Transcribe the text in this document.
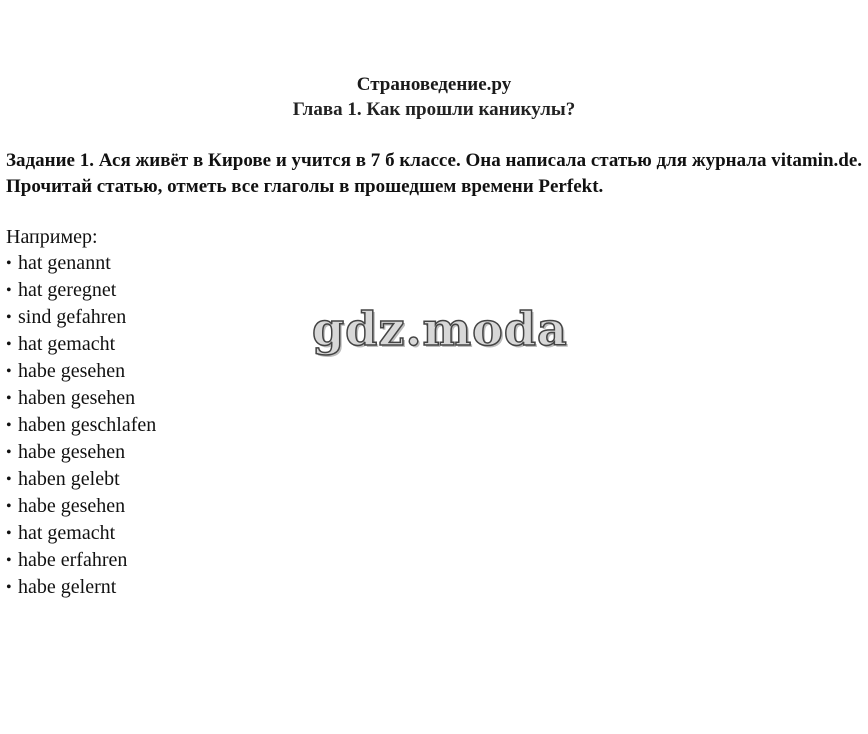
Страноведение.ру
Глава 1. Как прошли каникулы?
Задание 1. Ася живёт в Кирове и учится в 7 б классе. Она написала статью для журнала vitamin.de. Прочитай статью, отметь все глаголы в прошедшем времени Perfekt.
Например:
• hat genannt
• hat geregnet
• sind gefahren
• hat gemacht
• habe gesehen
• haben gesehen
• haben geschlafen
• habe gesehen
• haben gelebt
• habe gesehen
• hat gemacht
• habe erfahren
• habe gelernt
gdz.moda
